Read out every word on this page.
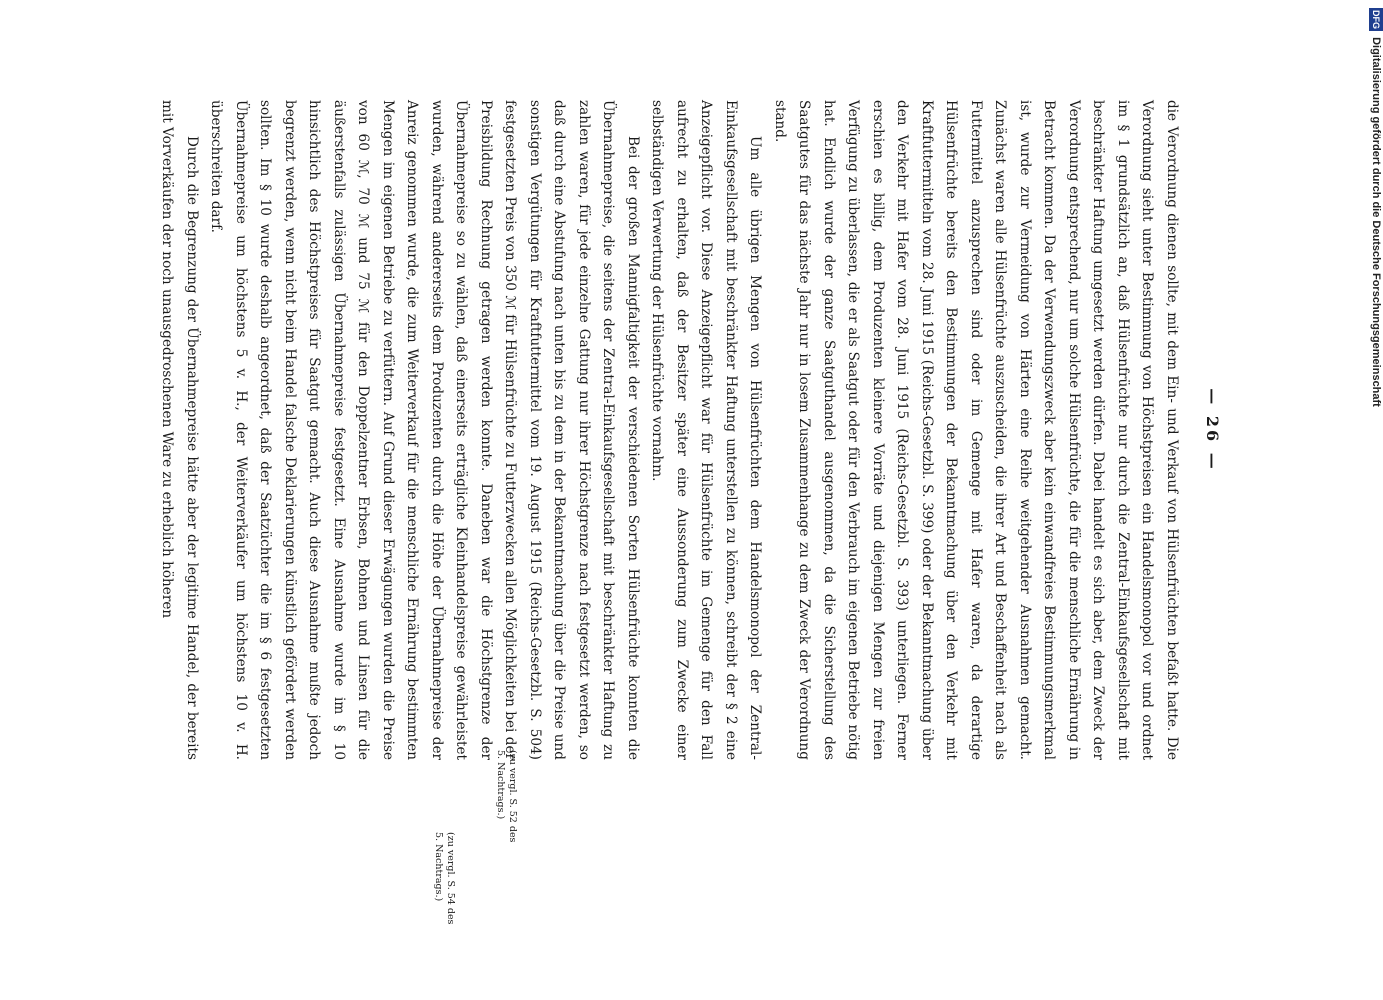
— 26 —

die Verordnung dienen sollte, mit dem Ein- und Verkauf von Hülsenfrüchten befaßt hatte. Die Verordnung sieht unter Bestimmung von Höchstpreisen ein Handelsmonopol vor und ordnet im § 1 grundsätzlich an, daß Hülsenfrüchte nur durch die Zentral-Einkaufsgesellschaft mit beschränkter Haftung umgesetzt werden dürfen. Dabei handelt es sich aber, dem Zweck der Verordnung entsprechend, nur um solche Hülsenfrüchte, die für die menschliche Ernährung in Betracht kommen. Da der Verwendungszweck aber kein einwandfreies Bestimmungsmerkmal ist, wurde zur Vermeidung von Härten eine Reihe weitgehender Ausnahmen gemacht. Zunächst waren alle Hülsenfrüchte auszuscheiden, die ihrer Art und Beschaffenheit nach als Futtermittel anzusprechen sind oder im Gemenge mit Hafer waren, da derartige Hülsenfrüchte bereits den Bestimmungen der Bekanntmachung über den Verkehr mit Kraftfuttermitteln vom 28. Juni 1915 (Reichs-Gesetzbl. S. 399) oder der Bekanntmachung über den Verkehr mit Hafer vom 28. Juni 1915 (Reichs-Gesetzbl. S. 393) unterliegen. Ferner erschien es billig, dem Produzenten kleinere Vorräte und diejenigen Mengen zur freien Verfügung zu überlassen, die er als Saatgut oder für den Verbrauch im eigenen Betriebe nötig hat. Endlich wurde der ganze Saatguthandel ausgenommen, da die Sicherstellung des Saatgutes für das nächste Jahr nur in losem Zusammenhange zu dem Zweck der Verordnung stand.

Um alle übrigen Mengen von Hülsenfrüchten dem Handelsmonopol der Zentral-Einkaufsgesellschaft mit beschränkter Haftung unterstellen zu können, schreibt der § 2 eine Anzeigepflicht vor. Diese Anzeigepflicht war für Hülsenfrüchte im Gemenge für den Fall aufrecht zu erhalten, daß der Besitzer später eine Aussonderung zum Zwecke einer selbständigen Verwertung der Hülsenfrüchte vornahm.

Bei der großen Mannigfaltigkeit der verschiedenen Sorten Hülsenfrüchte konnten die Übernahmepreise, die seitens der Zentral-Einkaufsgesellschaft mit beschränkter Haftung zu zahlen waren, für jede einzelne Gattung nur ihrer Höchstgrenze nach festgesetzt werden, so daß durch eine Abstufung nach unten bis zu dem in der Bekanntmachung über die Preise und sonstigen Vergütungen für Kraftfuttermittel vom 19. August 1915 (Reichs-Gesetzbl. S. 504) festgesetzten Preis von 350 ℳ für Hülsenfrüchte zu Futterzwecken allen Möglichkeiten bei der Preisbildung Rechnung getragen werden konnte. Daneben war die Höchstgrenze der Übernahmepreise so zu wählen, daß einerseits erträgliche Kleinhandelspreise gewährleistet wurden, während andererseits dem Produzenten durch die Höhe der Übernahmepreise der Anreiz genommen wurde, die zum Weiterverkauf für die menschliche Ernährung bestimmten Mengen im eigenen Betriebe zu verfüttern. Auf Grund dieser Erwägungen wurden die Preise von 60 ℳ, 70 ℳ und 75 ℳ für den Doppelzentner Erbsen, Bohnen und Linsen für die äußerstenfalls zulässigen Übernahmepreise festgesetzt. Eine Ausnahme wurde im § 10 hinsichtlich des Höchstpreises für Saatgut gemacht. Auch diese Ausnahme mußte jedoch begrenzt werden, wenn nicht beim Handel falsche Deklarierungen künstlich gefördert werden sollten. Im § 10 wurde deshalb angeordnet, daß der Saatzüchter die im § 6 festgesetzten Übernahmepreise um höchstens 5 v. H., der Weiterverkäufer um höchstens 10 v. H. überschreiten darf.

Durch die Begrenzung der Übernahmepreise hätte aber der legitime Handel, der bereits mit Vorverkäufen der noch unausgedroschenen Ware zu erheblich höheren

(zu vergl. S. 54 des 5. Nachtrags.)
(zu vergl. S. 52 des 5. Nachtrags.)
DFG Digitalisierung gefördert durch die Deutsche Forschungsgemeinschaft
